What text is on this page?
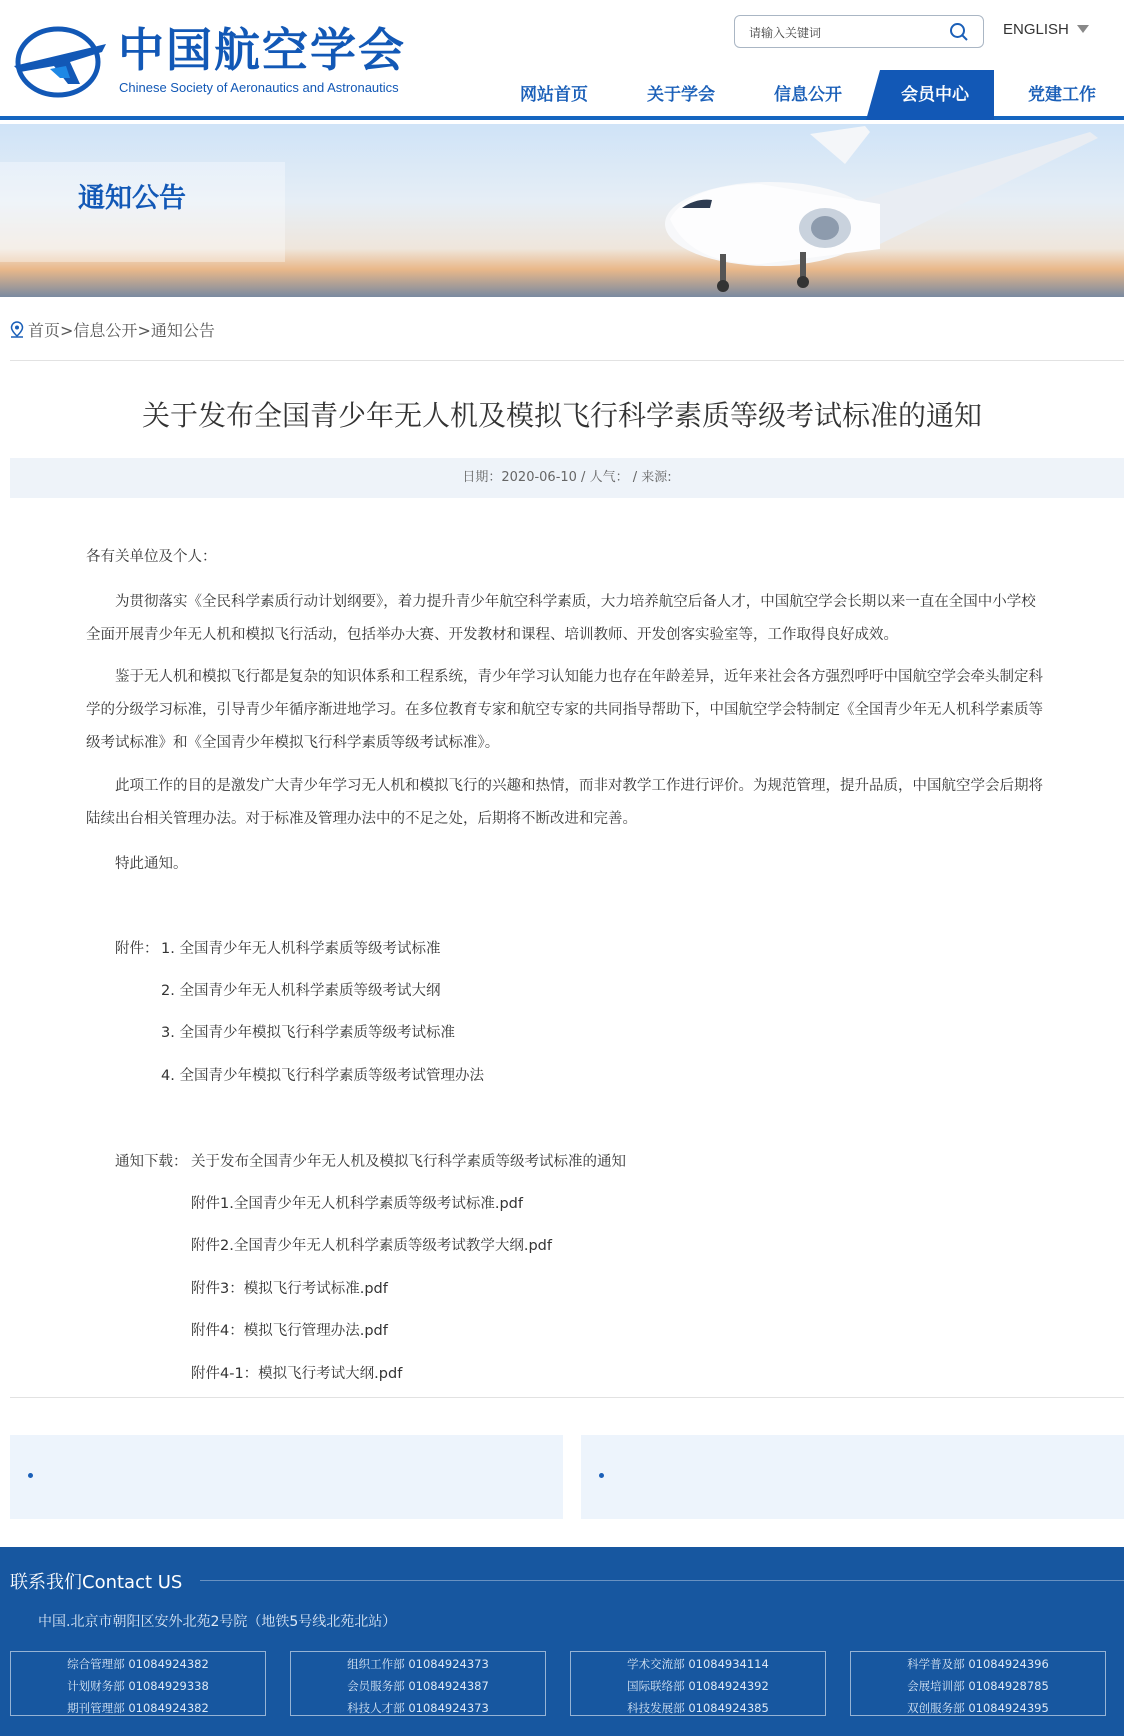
中国航空学会
Chinese Society of Aeronautics and Astronautics
请输入关键词
ENGLISH
网站首页	关于学会	信息公开	会员中心	党建工作
通知公告
首页>信息公开>通知公告
关于发布全国青少年无人机及模拟飞行科学素质等级考试标准的通知
日期：2020-06-10 / 人气： / 来源:
各有关单位及个人：
为贯彻落实《全民科学素质行动计划纲要》，着力提升青少年航空科学素质，大力培养航空后备人才，中国航空学会长期以来一直在全国中小学校全面开展青少年无人机和模拟飞行活动，包括举办大赛、开发教材和课程、培训教师、开发创客实验室等，工作取得良好成效。
鉴于无人机和模拟飞行都是复杂的知识体系和工程系统，青少年学习认知能力也存在年龄差异，近年来社会各方强烈呼吁中国航空学会牵头制定科学的分级学习标准，引导青少年循序渐进地学习。在多位教育专家和航空专家的共同指导帮助下，中国航空学会特制定《全国青少年无人机科学素质等级考试标准》和《全国青少年模拟飞行科学素质等级考试标准》。
此项工作的目的是激发广大青少年学习无人机和模拟飞行的兴趣和热情，而非对教学工作进行评价。为规范管理，提升品质，中国航空学会后期将陆续出台相关管理办法。对于标准及管理办法中的不足之处，后期将不断改进和完善。
特此通知。
附件： 1. 全国青少年无人机科学素质等级考试标准
2. 全国青少年无人机科学素质等级考试大纲
3. 全国青少年模拟飞行科学素质等级考试标准
4. 全国青少年模拟飞行科学素质等级考试管理办法
通知下载： 关于发布全国青少年无人机及模拟飞行科学素质等级考试标准的通知
附件1.全国青少年无人机科学素质等级考试标准.pdf
附件2.全国青少年无人机科学素质等级考试教学大纲.pdf
附件3：模拟飞行考试标准.pdf
附件4：模拟飞行管理办法.pdf
附件4-1：模拟飞行考试大纲.pdf
联系我们Contact US
中国.北京市朝阳区安外北苑2号院（地铁5号线北苑北站）
综合管理部 01084924382
计划财务部 01084929338
期刊管理部 01084924382
组织工作部 01084924373
会员服务部 01084924387
科技人才部 01084924373
学术交流部 01084934114
国际联络部 01084924392
科技发展部 01084924385
科学普及部 01084924396
会展培训部 01084928785
双创服务部 01084924395
